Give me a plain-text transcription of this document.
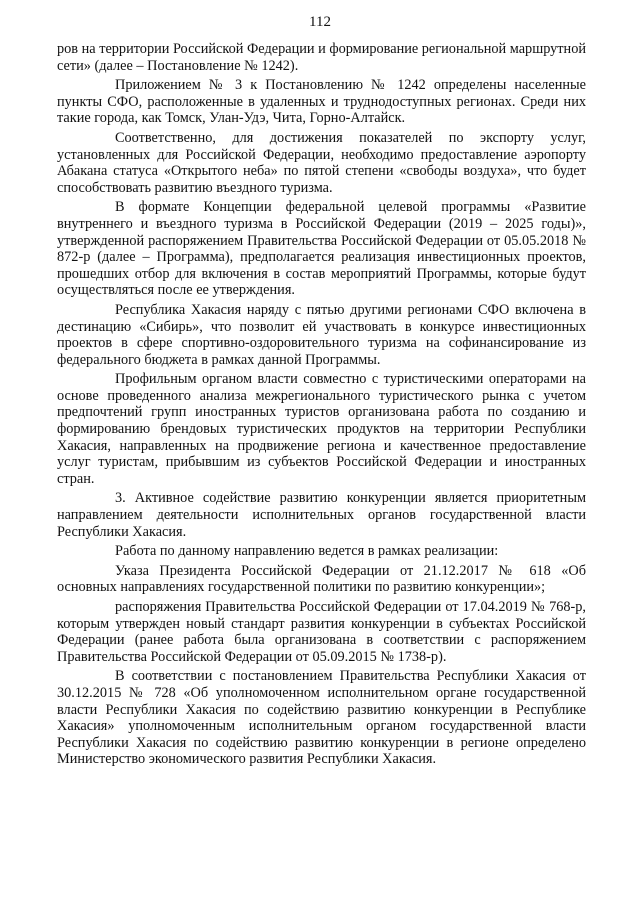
112

ров на территории Российской Федерации и формирование региональной маршрутной сети» (далее – Постановление № 1242).

Приложением № 3 к Постановлению № 1242 определены населенные пункты СФО, расположенные в удаленных и труднодоступных регионах. Среди них такие города, как Томск, Улан-Удэ, Чита, Горно-Алтайск.

Соответственно, для достижения показателей по экспорту услуг, установленных для Российской Федерации, необходимо предоставление аэропорту Абакана статуса «Открытого неба» по пятой степени «свободы воздуха», что будет способствовать развитию въездного туризма.

В формате Концепции федеральной целевой программы «Развитие внутреннего и въездного туризма в Российской Федерации (2019 – 2025 годы)», утвержденной распоряжением Правительства Российской Федерации от 05.05.2018 № 872-р (далее – Программа), предполагается реализация инвестиционных проектов, прошедших отбор для включения в состав мероприятий Программы, которые будут осуществляться после ее утверждения.

Республика Хакасия наряду с пятью другими регионами СФО включена в дестинацию «Сибирь», что позволит ей участвовать в конкурсе инвестиционных проектов в сфере спортивно-оздоровительного туризма на софинансирование из федерального бюджета в рамках данной Программы.

Профильным органом власти совместно с туристическими операторами на основе проведенного анализа межрегионального туристического рынка с учетом предпочтений групп иностранных туристов организована работа по созданию и формированию брендовых туристических продуктов на территории Республики Хакасия, направленных на продвижение региона и качественное предоставление услуг туристам, прибывшим из субъектов Российской Федерации и иностранных стран.

3. Активное содействие развитию конкуренции является приоритетным направлением деятельности исполнительных органов государственной власти Республики Хакасия.

Работа по данному направлению ведется в рамках реализации:

Указа Президента Российской Федерации от 21.12.2017 № 618 «Об основных направлениях государственной политики по развитию конкуренции»;

распоряжения Правительства Российской Федерации от 17.04.2019 № 768-р, которым утвержден новый стандарт развития конкуренции в субъектах Российской Федерации (ранее работа была организована в соответствии с распоряжением Правительства Российской Федерации от 05.09.2015 № 1738-р).

В соответствии с постановлением Правительства Республики Хакасия от 30.12.2015 № 728 «Об уполномоченном исполнительном органе государственной власти Республики Хакасия по содействию развитию конкуренции в Республике Хакасия» уполномоченным исполнительным органом государственной власти Республики Хакасия по содействию развитию конкуренции в регионе определено Министерство экономического развития Республики Хакасия.
